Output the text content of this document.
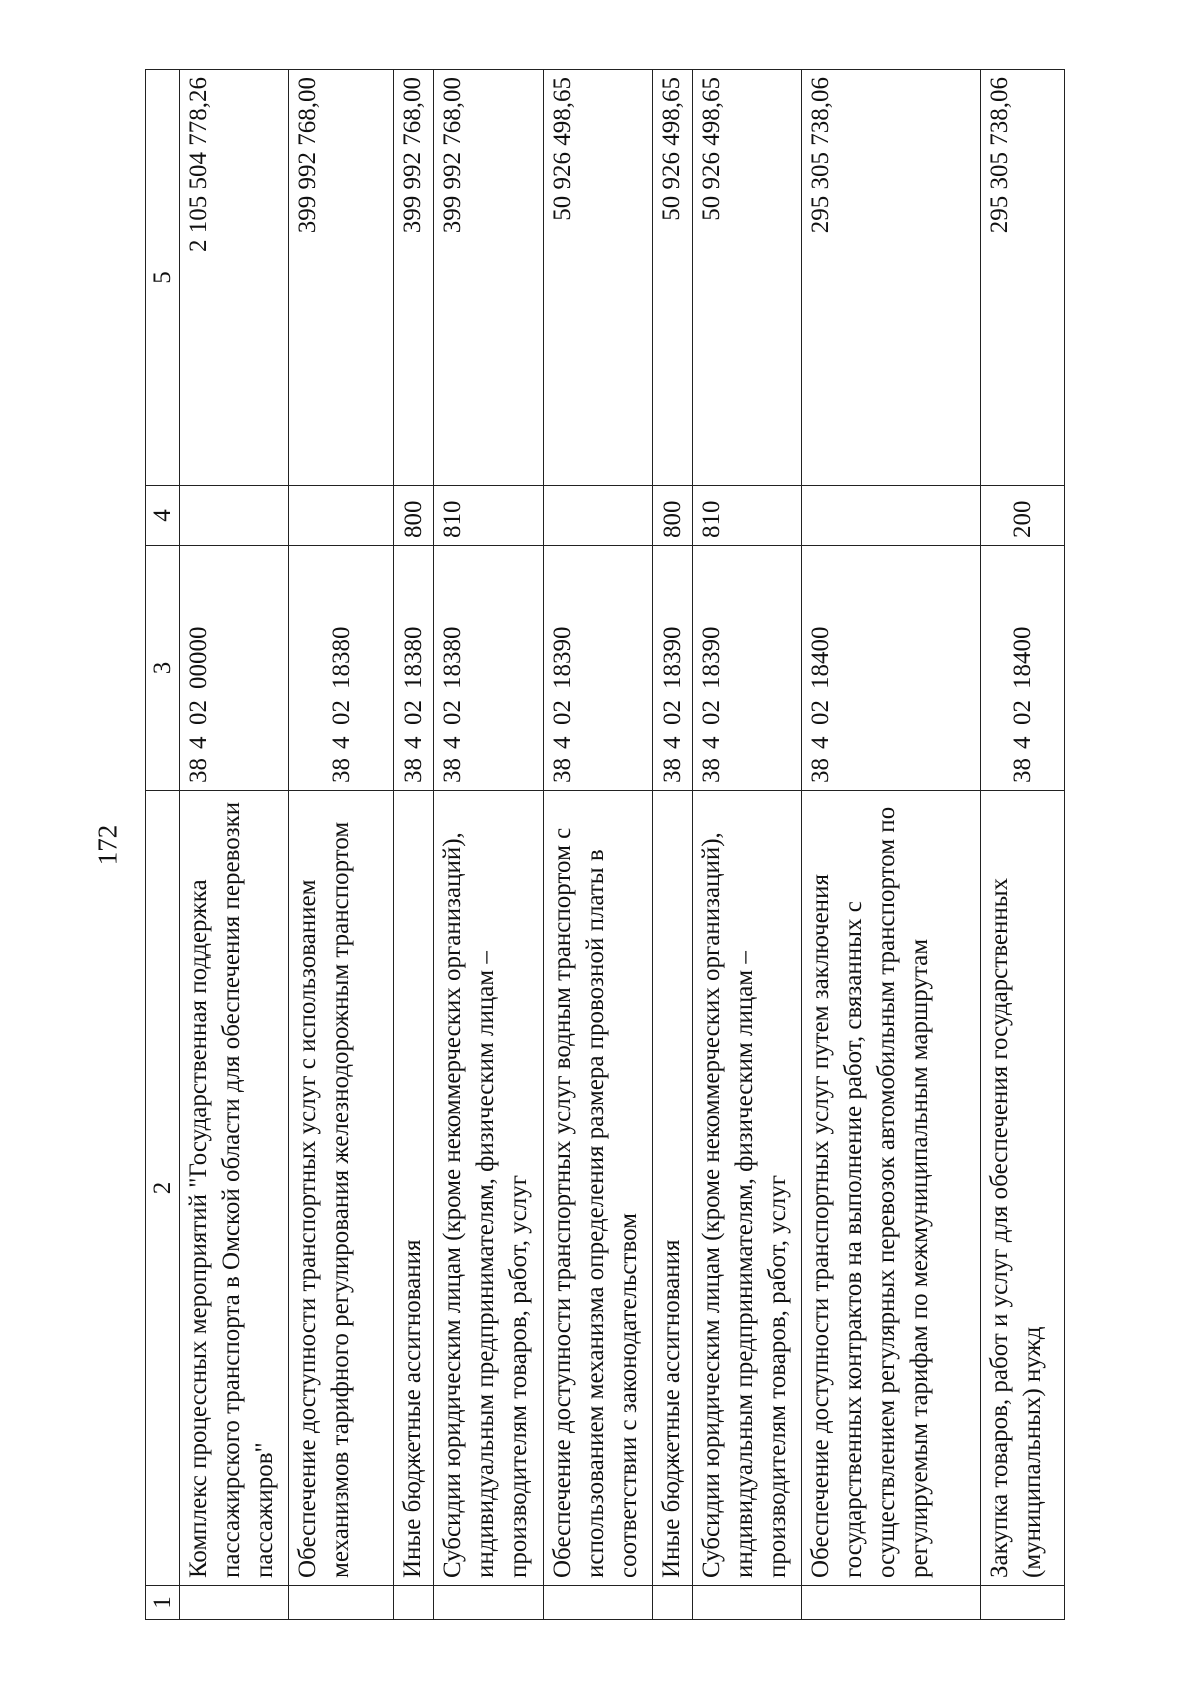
172
1	2	3	4	5
	Комплекс процессных мероприятий "Государственная поддержка пассажирского транспорта в Омской области для обеспечения перевозки пассажиров"	3840200000		2 105 504 778,26
	Обеспечение доступности транспортных услуг с использованием механизмов тарифного регулирования железнодорожным транспортом	3840218380		399 992 768,00
	Иные бюджетные ассигнования	3840218380	800	399 992 768,00
	Субсидии юридическим лицам (кроме некоммерческих организаций), индивидуальным предпринимателям, физическим лицам – производителям товаров, работ, услуг	3840218380	810	399 992 768,00
	Обеспечение доступности транспортных услуг водным транспортом с использованием механизма определения размера провозной платы в соответствии с законодательством	3840218390		50 926 498,65
	Иные бюджетные ассигнования	3840218390	800	50 926 498,65
	Субсидии юридическим лицам (кроме некоммерческих организаций), индивидуальным предпринимателям, физическим лицам – производителям товаров, работ, услуг	3840218390	810	50 926 498,65
	Обеспечение доступности транспортных услуг путем заключения государственных контрактов на выполнение работ, связанных с осуществлением регулярных перевозок автомобильным транспортом по регулируемым тарифам по межмуниципальным маршрутам	3840218400		295 305 738,06
	Закупка товаров, работ и услуг для обеспечения государственных (муниципальных) нужд	3840218400	200	295 305 738,06
